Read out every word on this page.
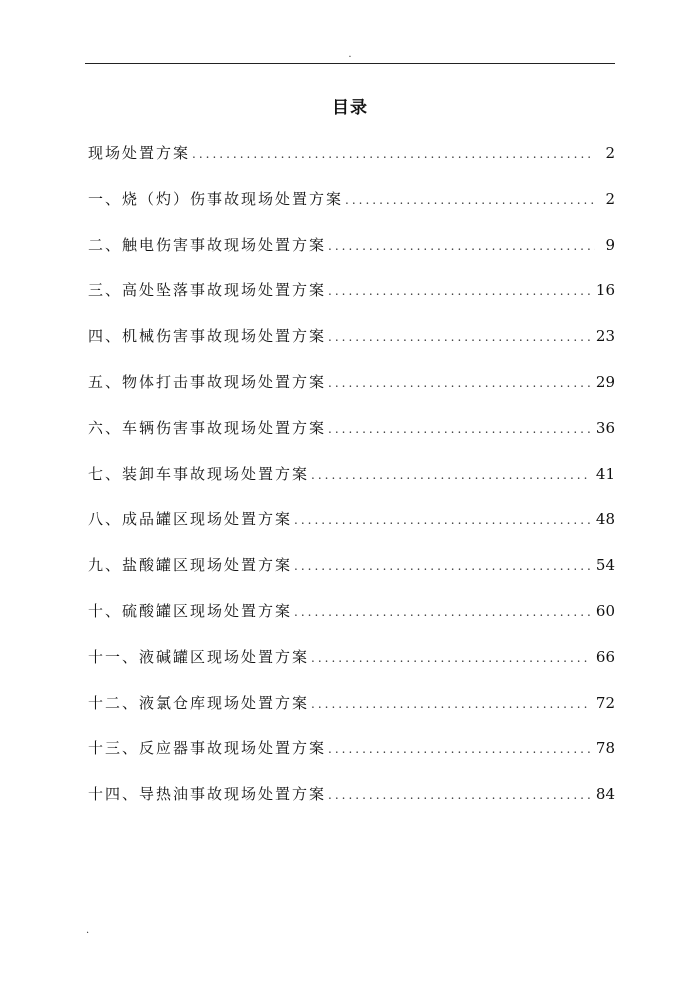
.
目录
现场处置方案 .....	2
一、烧（灼）伤事故现场处置方案 .....	2
二、触电伤害事故现场处置方案 .....	9
三、高处坠落事故现场处置方案 .....	16
四、机械伤害事故现场处置方案 .....	23
五、物体打击事故现场处置方案 .....	29
六、车辆伤害事故现场处置方案 .....	36
七、装卸车事故现场处置方案 .....	41
八、成品罐区现场处置方案 .....	48
九、盐酸罐区现场处置方案 .....	54
十、硫酸罐区现场处置方案 .....	60
十一、液碱罐区现场处置方案 .....	66
十二、液氯仓库现场处置方案 .....	72
十三、反应器事故现场处置方案 .....	78
十四、导热油事故现场处置方案 .....	84
.
